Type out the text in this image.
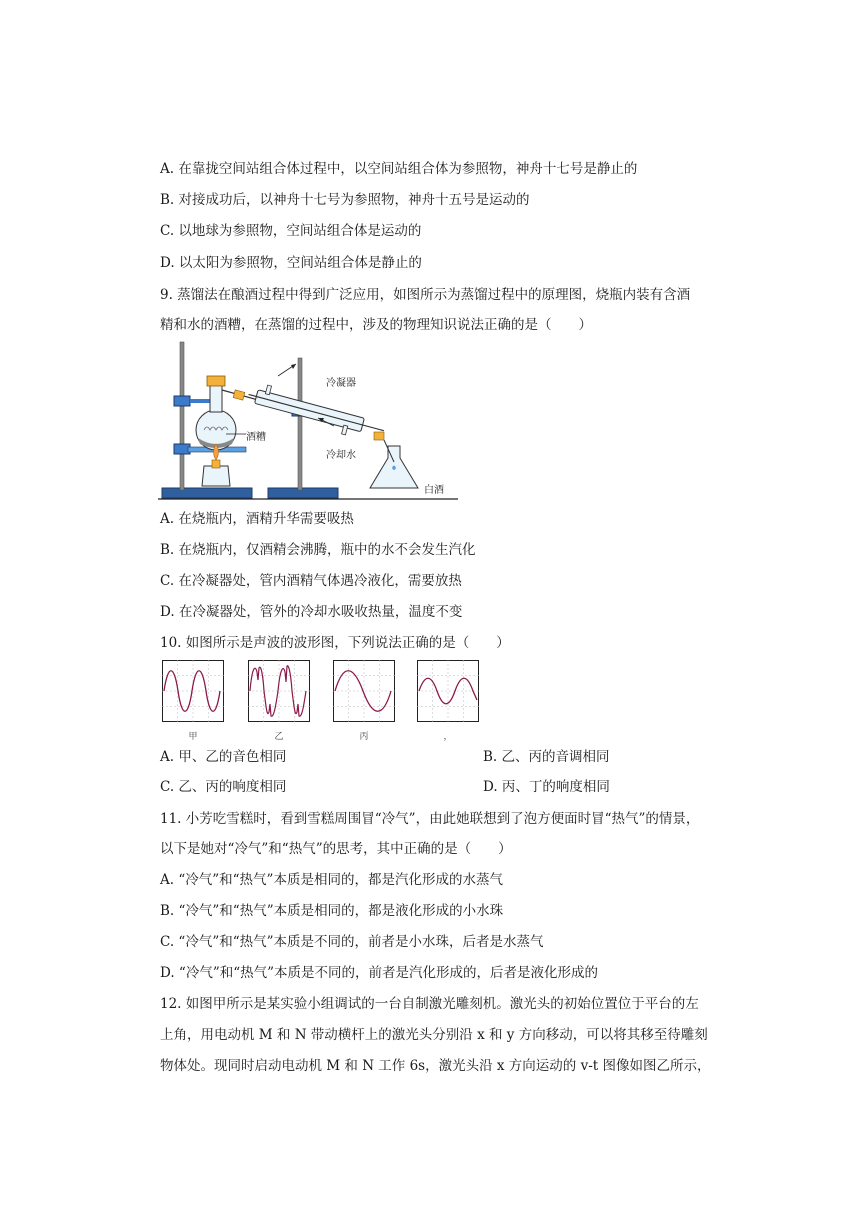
A. 在靠拢空间站组合体过程中，以空间站组合体为参照物，神舟十七号是静止的
B. 对接成功后，以神舟十七号为参照物，神舟十五号是运动的
C. 以地球为参照物，空间站组合体是运动的
D. 以太阳为参照物，空间站组合体是静止的
9. 蒸馏法在酿酒过程中得到广泛应用，如图所示为蒸馏过程中的原理图，烧瓶内装有含酒
精和水的酒糟，在蒸馏的过程中，涉及的物理知识说法正确的是（　　）
冷凝器
酒糟
冷却水
白酒
A. 在烧瓶内，酒精升华需要吸热
B. 在烧瓶内，仅酒精会沸腾，瓶中的水不会发生汽化
C. 在冷凝器处，管内酒精气体遇冷液化，需要放热
D. 在冷凝器处，管外的冷却水吸收热量，温度不变
10. 如图所示是声波的波形图，下列说法正确的是（　　）
甲	乙	丙	，
A. 甲、乙的音色相同	B. 乙、丙的音调相同
C. 乙、丙的响度相同	D. 丙、丁的响度相同
11. 小芳吃雪糕时，看到雪糕周围冒“冷气”，由此她联想到了泡方便面时冒“热气”的情景，
以下是她对“冷气”和“热气”的思考，其中正确的是（　　）
A. “冷气”和“热气”本质是相同的，都是汽化形成的水蒸气
B. “冷气”和“热气”本质是相同的，都是液化形成的小水珠
C. “冷气”和“热气”本质是不同的，前者是小水珠，后者是水蒸气
D. “冷气”和“热气”本质是不同的，前者是汽化形成的，后者是液化形成的
12. 如图甲所示是某实验小组调试的一台自制激光雕刻机。激光头的初始位置位于平台的左
上角，用电动机 M 和 N 带动横杆上的激光头分别沿 x 和 y 方向移动，可以将其移至待雕刻
物体处。现同时启动电动机 M 和 N 工作 6s，激光头沿 x 方向运动的 v-t 图像如图乙所示，
